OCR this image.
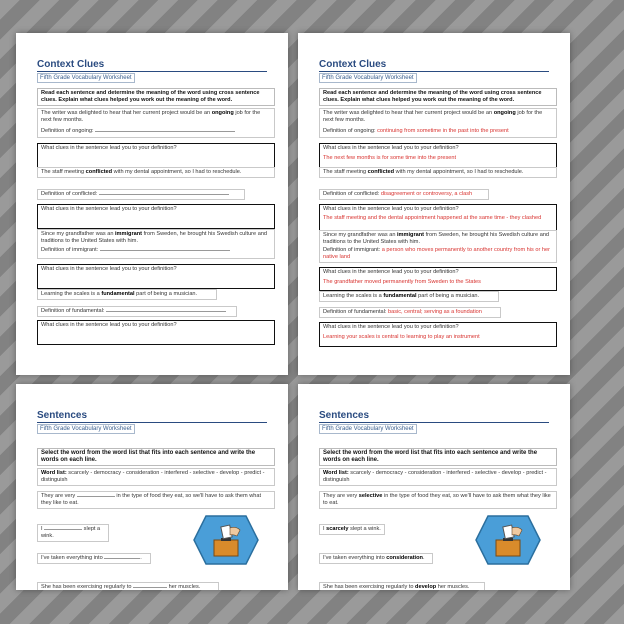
Context Clues
Fifth Grade Vocabulary Worksheet
Read each sentence and determine the meaning of the word using cross sentence clues. Explain what clues helped you work out the meaning of the word.
The writer was delighted to hear that her current project would be an ongoing job for the next few months.

Definition of ongoing:
What clues in the sentence lead you to your definition?
The staff meeting conflicted with my dental appointment, so I had to reschedule.
Definition of conflicted:
What clues in the sentence lead you to your definition?
Since my grandfather was an immigrant from Sweden, he brought his Swedish culture and traditions to the United States with him.

Definition of immigrant:
What clues in the sentence lead you to your definition?
Learning the scales is a fundamental part of being a musician.
Definition of fundamental:
What clues in the sentence lead you to your definition?
Context Clues
Fifth Grade Vocabulary Worksheet
Read each sentence and determine the meaning of the word using cross sentence clues. Explain what clues helped you work out the meaning of the word.
The writer was delighted to hear that her current project would be an ongoing job for the next few months.

Definition of ongoing: continuing from sometime in the past into the present
What clues in the sentence lead you to your definition?

The next few months is for some time into the present
The staff meeting conflicted with my dental appointment, so I had to reschedule.
Definition of conflicted: disagreement or controversy, a clash
What clues in the sentence lead you to your definition?

The staff meeting and the dental appointment happened at the same time - they clashed
Since my grandfather was an immigrant from Sweden, he brought his Swedish culture and traditions to the United States with him.

Definition of immigrant: a person who moves permanently to another country from his or her native land
What clues in the sentence lead you to your definition?

The grandfather moved permanently from Sweden to the States
Learning the scales is a fundamental part of being a musician.
Definition of fundamental: basic, central; serving as a foundation
What clues in the sentence lead you to your definition?

Learning your scales is central to learning to play an instrument
Sentences
Fifth Grade Vocabulary Worksheet
Select the word from the word list that fits into each sentence and write the words on each line.
Word list: scarcely - democracy - consideration - interfered - selective - develop - predict - distinguish
They are very	in the type of food they eat, so we'll have to ask them what they like to eat.
I	slept a wink.
I've taken everything into	.
She has been exercising regularly to	her muscles.
Sentences
Fifth Grade Vocabulary Worksheet
Select the word from the word list that fits into each sentence and write the words on each line.
Word list: scarcely - democracy - consideration - interfered - selective - develop - predict - distinguish
They are very selective in the type of food they eat, so we'll have to ask them what they like to eat.
I scarcely slept a wink.
I've taken everything into consideration.
She has been exercising regularly to develop her muscles.
